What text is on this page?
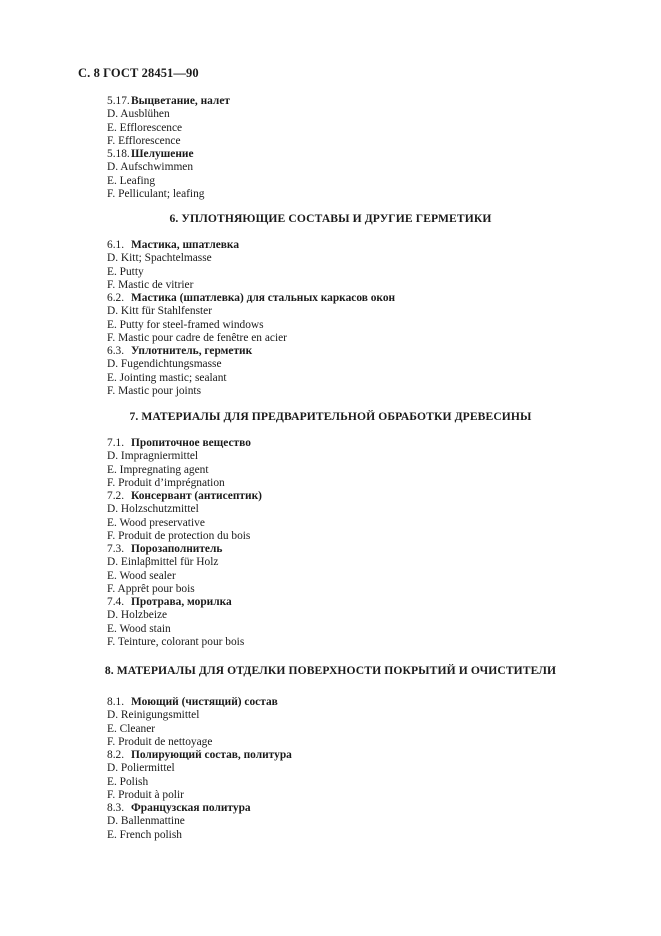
С. 8 ГОСТ 28451—90
5.17.Выцветание, налет
D. Ausblühen
E. Efflorescence
F. Efflorescence
5.18.Шелушение
D. Aufschwimmen
E. Leafing
F. Pelliculant; leafing
6. УПЛОТНЯЮЩИЕ СОСТАВЫ И ДРУГИЕ ГЕРМЕТИКИ
6.1. Мастика, шпатлевка
D. Kitt; Spachtelmasse
E. Putty
F. Mastic de vitrier
6.2. Мастика (шпатлевка) для стальных каркасов окон
D. Kitt für Stahlfenster
E. Putty for steel-framed windows
F. Mastic pour cadre de fenêtre en acier
6.3. Уплотнитель, герметик
D. Fugendichtungsmasse
E. Jointing mastic; sealant
F. Mastic pour joints
7. МАТЕРИАЛЫ ДЛЯ ПРЕДВАРИТЕЛЬНОЙ ОБРАБОТКИ ДРЕВЕСИНЫ
7.1. Пропиточное вещество
D. Impragniermittel
E. Impregnating agent
F. Produit d’imprégnation
7.2. Консервант (антисептик)
D. Holzschutzmittel
E. Wood preservative
F. Produit de protection du bois
7.3. Порозаполнитель
D. Einlaβmittel für Holz
E. Wood sealer
F. Apprêt pour bois
7.4. Протрава, морилка
D. Holzbeize
E. Wood stain
F. Teinture, colorant pour bois
8. МАТЕРИАЛЫ ДЛЯ ОТДЕЛКИ ПОВЕРХНОСТИ ПОКРЫТИЙ И ОЧИСТИТЕЛИ
8.1. Моющий (чистящий) состав
D. Reinigungsmittel
E. Cleaner
F. Produit de nettoyage
8.2. Полирующий состав, политура
D. Poliermittel
E. Polish
F. Produit à polir
8.3. Французская политура
D. Ballenmattine
E. French polish
